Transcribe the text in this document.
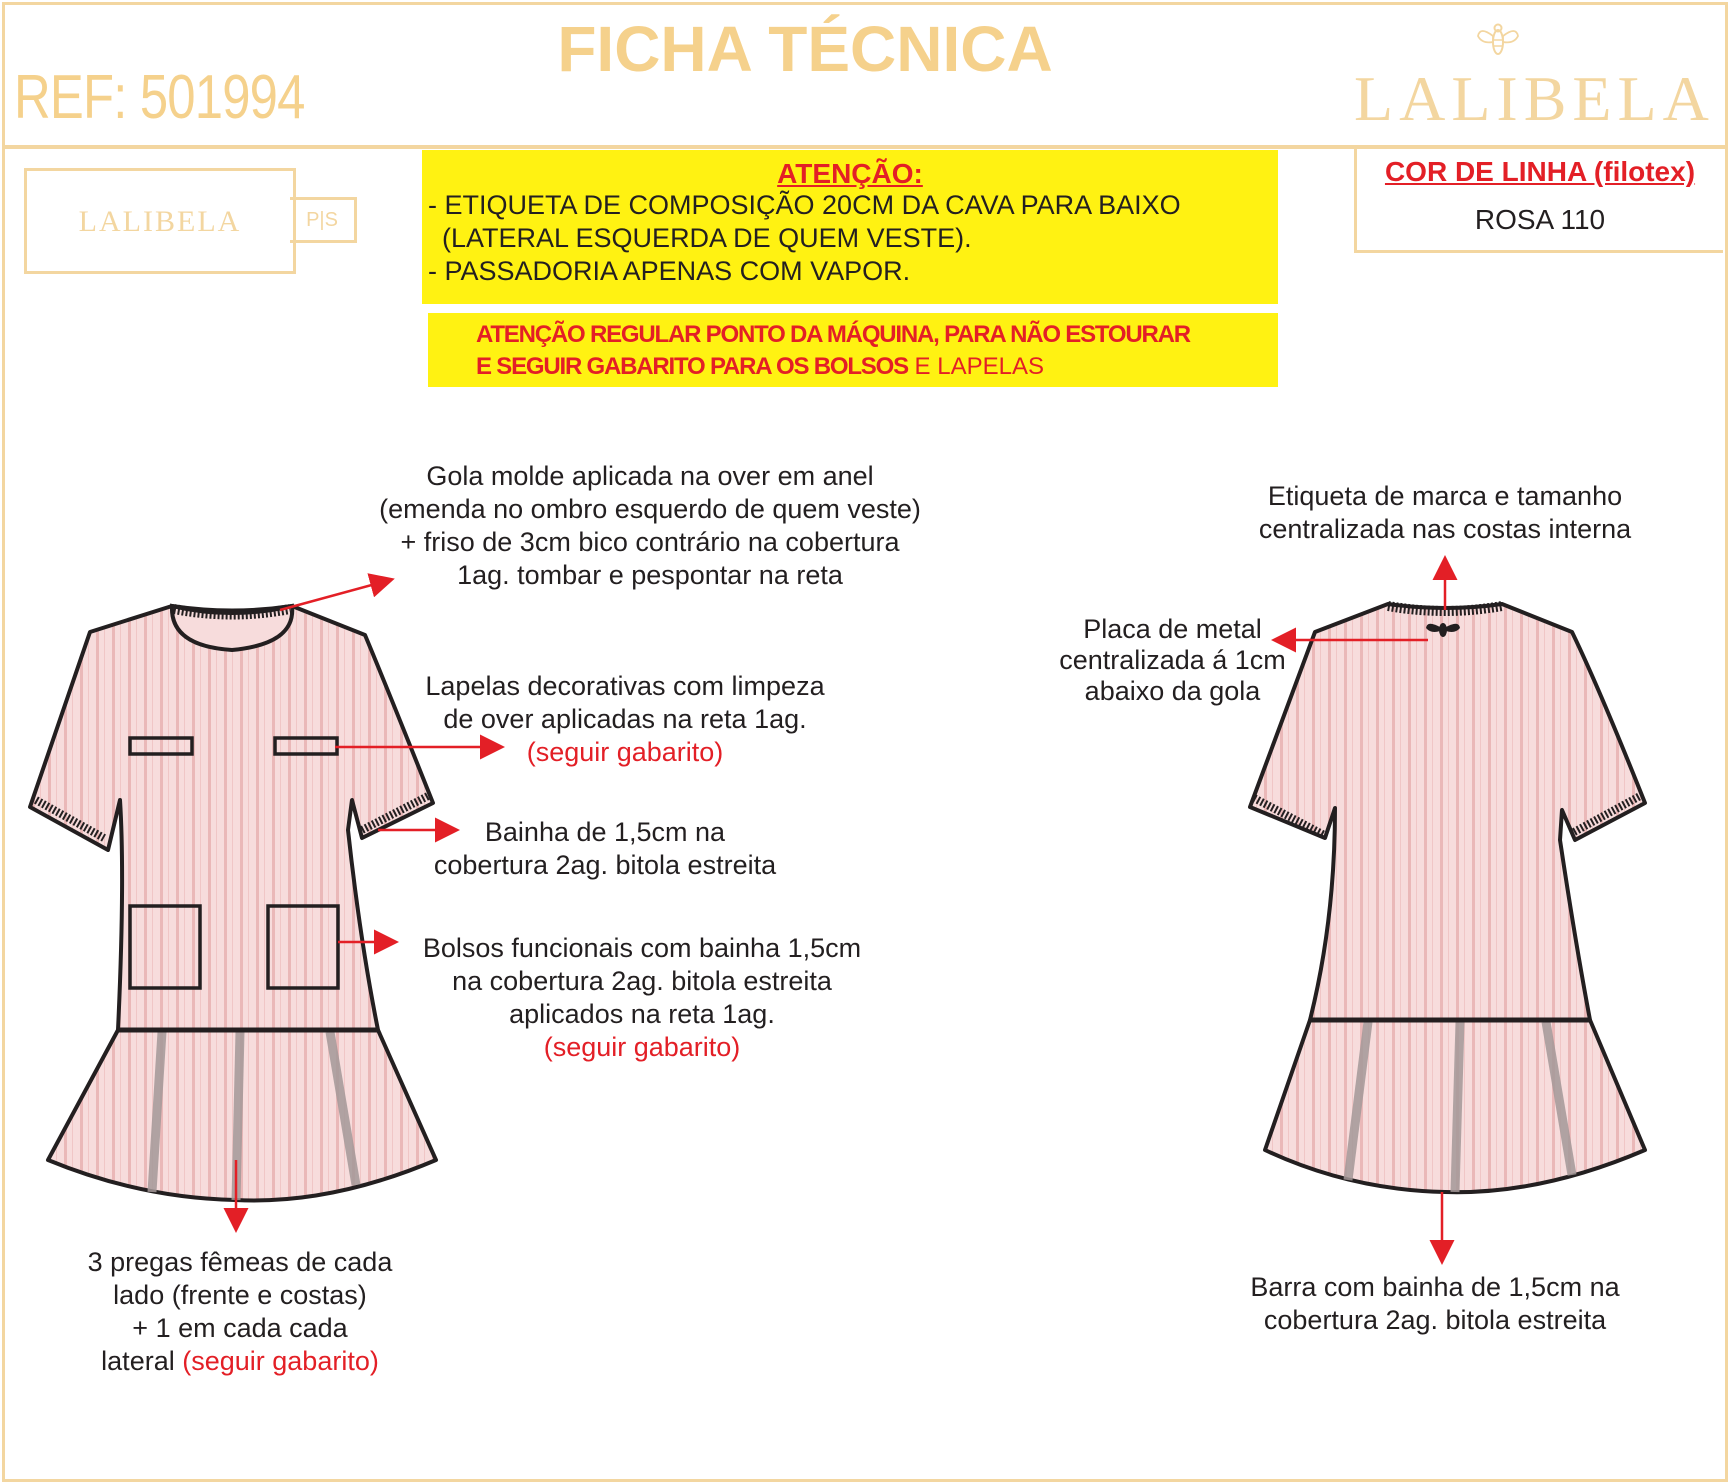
REF: 501994
FICHA TÉCNICA
LALIBELA
LALIBELA	P|S
ATENÇÃO:
- ETIQUETA DE COMPOSIÇÃO 20CM DA CAVA PARA BAIXO
(LATERAL ESQUERDA DE QUEM VESTE).
- PASSADORIA APENAS COM VAPOR.
ATENÇÃO REGULAR PONTO DA MÁQUINA, PARA NÃO ESTOURAR
E SEGUIR GABARITO PARA OS BOLSOS E LAPELAS
COR DE LINHA (filotex)
ROSA 110
Gola molde aplicada na over em anel
(emenda no ombro esquerdo de quem veste)
+ friso de 3cm bico contrário na cobertura
1ag. tombar e pespontar na reta
Lapelas decorativas com limpeza
de over aplicadas na reta 1ag.
(seguir gabarito)
Bainha de 1,5cm na
cobertura 2ag. bitola estreita
Bolsos funcionais com bainha 1,5cm
na cobertura 2ag. bitola estreita
aplicados na reta 1ag.
(seguir gabarito)
3 pregas fêmeas de cada
lado (frente e costas)
+ 1 em cada cada
lateral (seguir gabarito)
Etiqueta de marca e tamanho
centralizada nas costas interna
Placa de metal
centralizada á 1cm
abaixo da gola
Barra com bainha de 1,5cm na
cobertura 2ag. bitola estreita
